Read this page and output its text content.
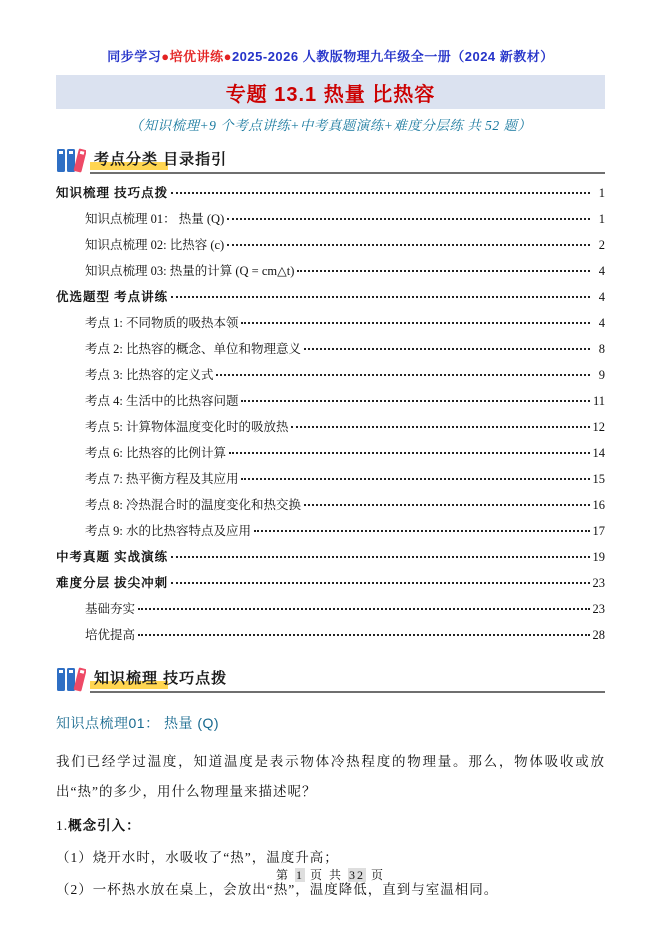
同步学习●培优讲练●2025-2026 人教版物理九年级全一册（2024 新教材）
专题 13.1 热量 比热容
（知识梳理+9 个考点讲练+中考真题演练+难度分层练 共 52 题）
考点分类 目录指引
知识梳理 技巧点拨	1
知识点梳理 01： 热量 (Q)	1
知识点梳理 02: 比热容 (c)	2
知识点梳理 03: 热量的计算 (Q = cm△t)	4
优选题型 考点讲练	4
考点 1: 不同物质的吸热本领	4
考点 2: 比热容的概念、单位和物理意义	8
考点 3: 比热容的定义式	9
考点 4: 生活中的比热容问题	11
考点 5: 计算物体温度变化时的吸放热	12
考点 6: 比热容的比例计算	14
考点 7: 热平衡方程及其应用	15
考点 8: 冷热混合时的温度变化和热交换	16
考点 9: 水的比热容特点及应用	17
中考真题 实战演练	19
难度分层 拔尖冲刺	23
基础夯实	23
培优提高	28
知识梳理 技巧点拨
知识点梳理01： 热量 (Q)
我们已经学过温度，知道温度是表示物体冷热程度的物理量。那么，物体吸收或放出“热”的多少，用什么物理量来描述呢？
1.概念引入：
（1）烧开水时，水吸收了“热”，温度升高；
（2）一杯热水放在桌上，会放出“热”，温度降低，直到与室温相同。
第 1 页 共 32 页
